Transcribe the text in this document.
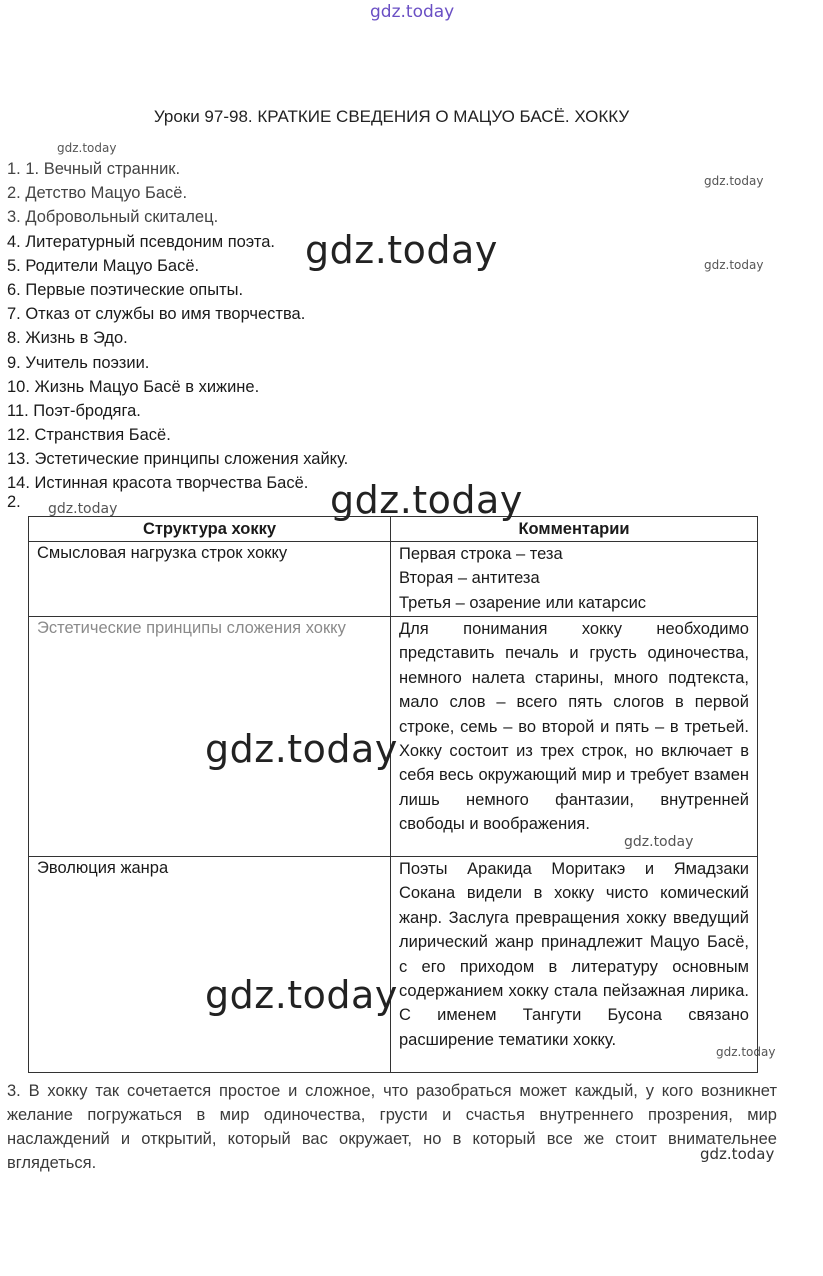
gdz.today
Уроки 97-98. КРАТКИЕ СВЕДЕНИЯ О МАЦУО БАСЁ. ХОККУ
gdz.today
gdz.today
gdz.today
gdz.today
gdz.today
gdz.today
gdz.today
1. 1. Вечный странник.
2. Детство Мацуо Басё.
3. Добровольный скиталец.
4. Литературный псевдоним поэта.
5. Родители Мацуо Басё.
6. Первые поэтические опыты.
7. Отказ от службы во имя творчества.
8. Жизнь в Эдо.
9. Учитель поэзии.
10. Жизнь Мацуо Басё в хижине.
11. Поэт-бродяга.
12. Странствия Басё.
13. Эстетические принципы сложения хайку.
14. Истинная красота творчества Басё.
2.
Структура хокку	Комментарии
Смысловая нагрузка строк хокку	Первая строка – теза
Вторая – антитеза
Третья – озарение или катарсис

Эстетические принципы сложения хокку	Для понимания хокку необходимо представить печаль и грусть одиночества, немного налета старины, много подтекста, мало слов – всего пять слогов в первой строке, семь – во второй и пять – в третьей. Хокку состоит из трех строк, но включает в себя весь окружающий мир и требует взамен лишь немного фантазии, внутренней свободы и воображения.
Эволюция жанра	Поэты Аракида Моритакэ и Ямадзаки Сокана видели в хокку чисто комический жанр. Заслуга превращения хокку введущий лирический жанр принадлежит Мацуо Басё, с его приходом в литературу основным содержанием хокку стала пейзажная лирика. С именем Тангути Бусона связано расширение тематики хокку.
gdz.today
gdz.today
gdz.today
gdz.today
3. В хокку так сочетается простое и сложное, что разобраться может каждый, у кого возникнет желание погружаться в мир одиночества, грусти и счастья внутреннего прозрения, мир наслаждений и открытий, который вас окружает, но в который все же стоит внимательнее вглядеться.
